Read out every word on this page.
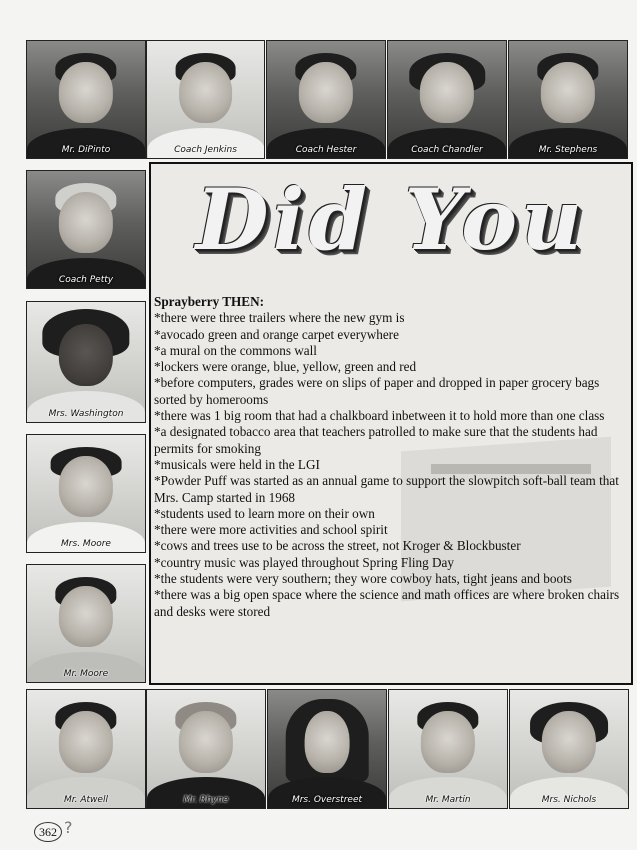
Mr. DiPinto	Coach Jenkins	Coach Hester	Coach Chandler	Mr. Stephens
Coach Petty
Mrs. Washington
Mrs. Moore
Mr. Moore
Did You
Sprayberry THEN:
*there were three trailers where the new gym is
*avocado green and orange carpet everywhere
*a mural on the commons wall
*lockers were orange, blue, yellow, green and red
*before computers, grades were on slips of paper and dropped in paper grocery bags sorted by homerooms
*there was 1 big room that had a chalkboard inbetween it to hold more than one class
*a designated tobacco area that teachers patrolled to make sure that the students had permits for smoking
*musicals were held in the LGI
*Powder Puff was started as an annual game to support the slowpitch soft-ball team that Mrs. Camp started in 1968
*students used to learn more on their own
*there were more activities and school spirit
*cows and trees use to be across the street, not Kroger & Blockbuster
*country music was played throughout Spring Fling Day
*the students were very southern; they wore cowboy hats, tight jeans and boots
*there was a big open space where the science and math offices are where broken chairs and desks were stored
Mr. Atwell	Mr. Rhyne	Mrs. Overstreet	Mr. Martin	Mrs. Nichols
362 ?
